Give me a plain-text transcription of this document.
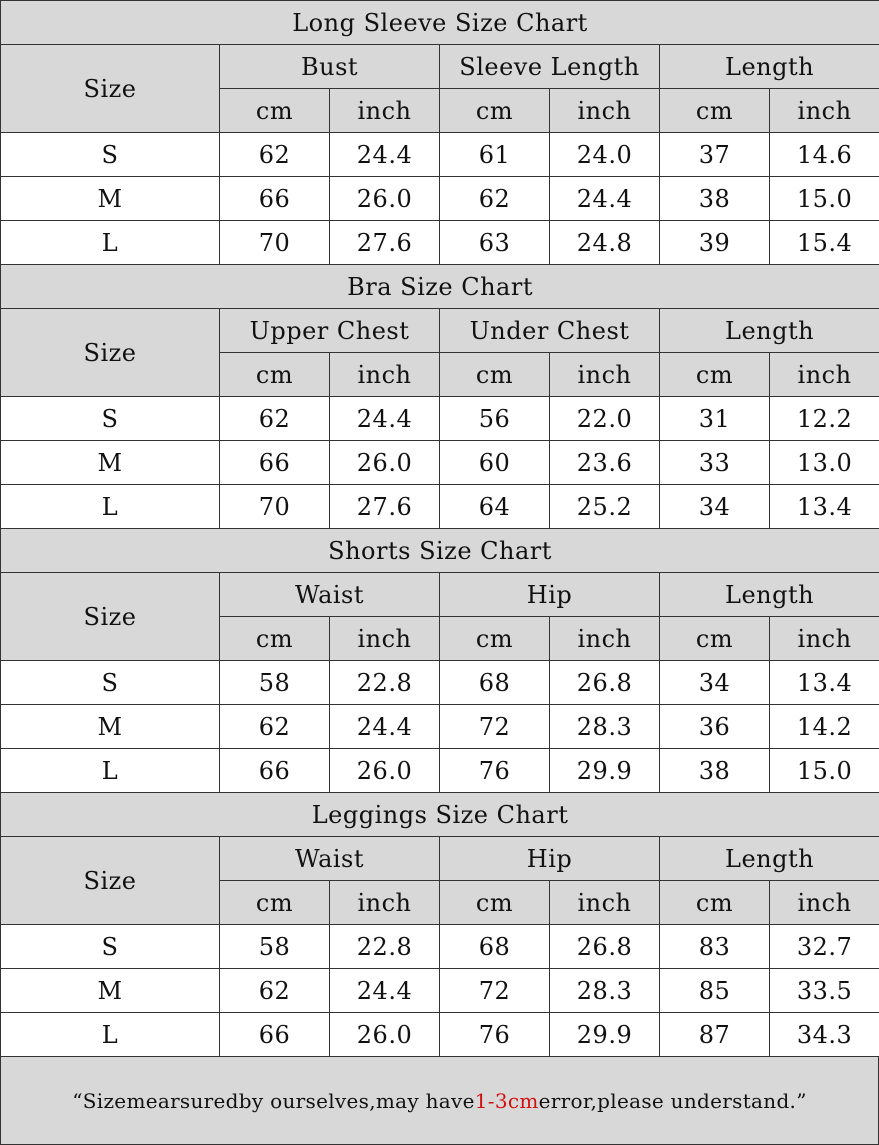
Long Sleeve Size Chart						
Size	Bust		Sleeve Length		Length	
	cm	inch	cm	inch	cm	inch
S	62	24.4	61	24.0	37	14.6
M	66	26.0	62	24.4	38	15.0
L	70	27.6	63	24.8	39	15.4
Bra Size Chart						
Size	Upper Chest		Under Chest		Length	
	cm	inch	cm	inch	cm	inch
S	62	24.4	56	22.0	31	12.2
M	66	26.0	60	23.6	33	13.0
L	70	27.6	64	25.2	34	13.4
Shorts Size Chart						
Size	Waist		Hip		Length	
	cm	inch	cm	inch	cm	inch
S	58	22.8	68	26.8	34	13.4
M	62	24.4	72	28.3	36	14.2
L	66	26.0	76	29.9	38	15.0
Leggings Size Chart						
Size	Waist		Hip		Length	
	cm	inch	cm	inch	cm	inch
S	58	22.8	68	26.8	83	32.7
M	62	24.4	72	28.3	85	33.5
L	66	26.0	76	29.9	87	34.3
“Sizemearsuredby ourselves,may have 1-3cm error,please understand.”
